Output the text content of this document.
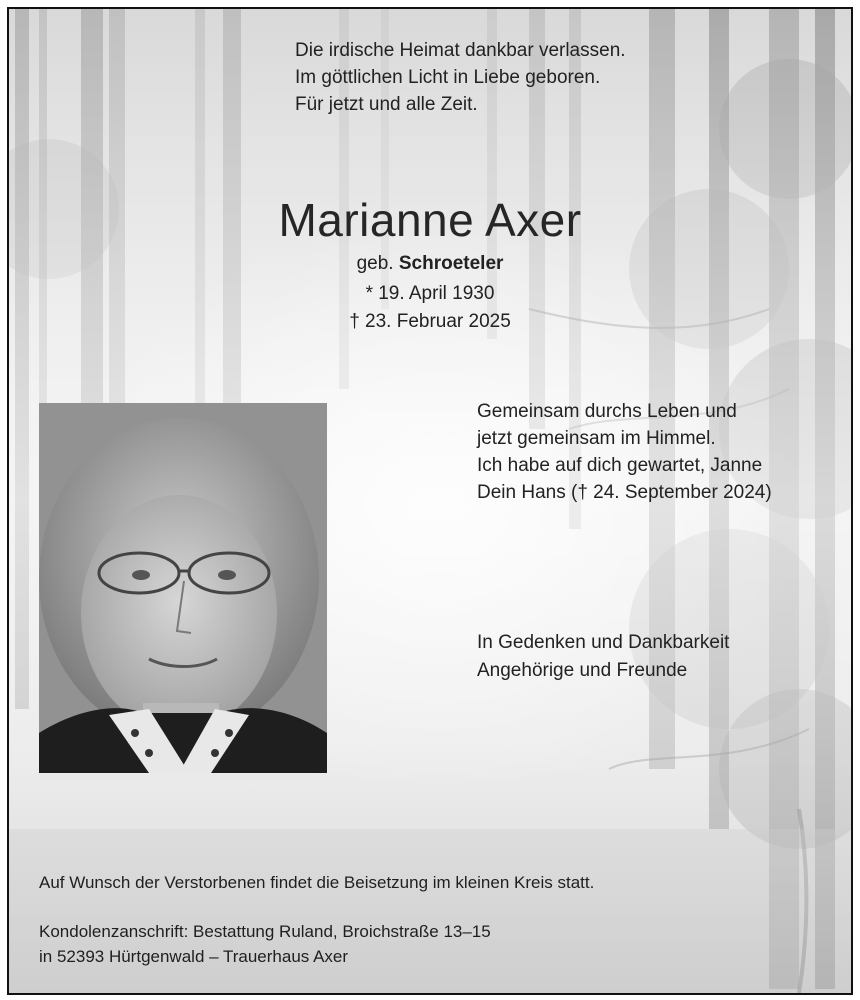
Die irdische Heimat dankbar verlassen.
Im göttlichen Licht in Liebe geboren.
Für jetzt und alle Zeit.
Marianne Axer
geb. Schroeteler
* 19. April 1930
† 23. Februar 2025
Gemeinsam durchs Leben und
jetzt gemeinsam im Himmel.
Ich habe auf dich gewartet, Janne
Dein Hans († 24. September 2024)
In Gedenken und Dankbarkeit
Angehörige und Freunde
Auf Wunsch der Verstorbenen findet die Beisetzung im kleinen Kreis statt.
Kondolenzanschrift: Bestattung Ruland, Broichstraße 13–15
in 52393 Hürtgenwald – Trauerhaus Axer
